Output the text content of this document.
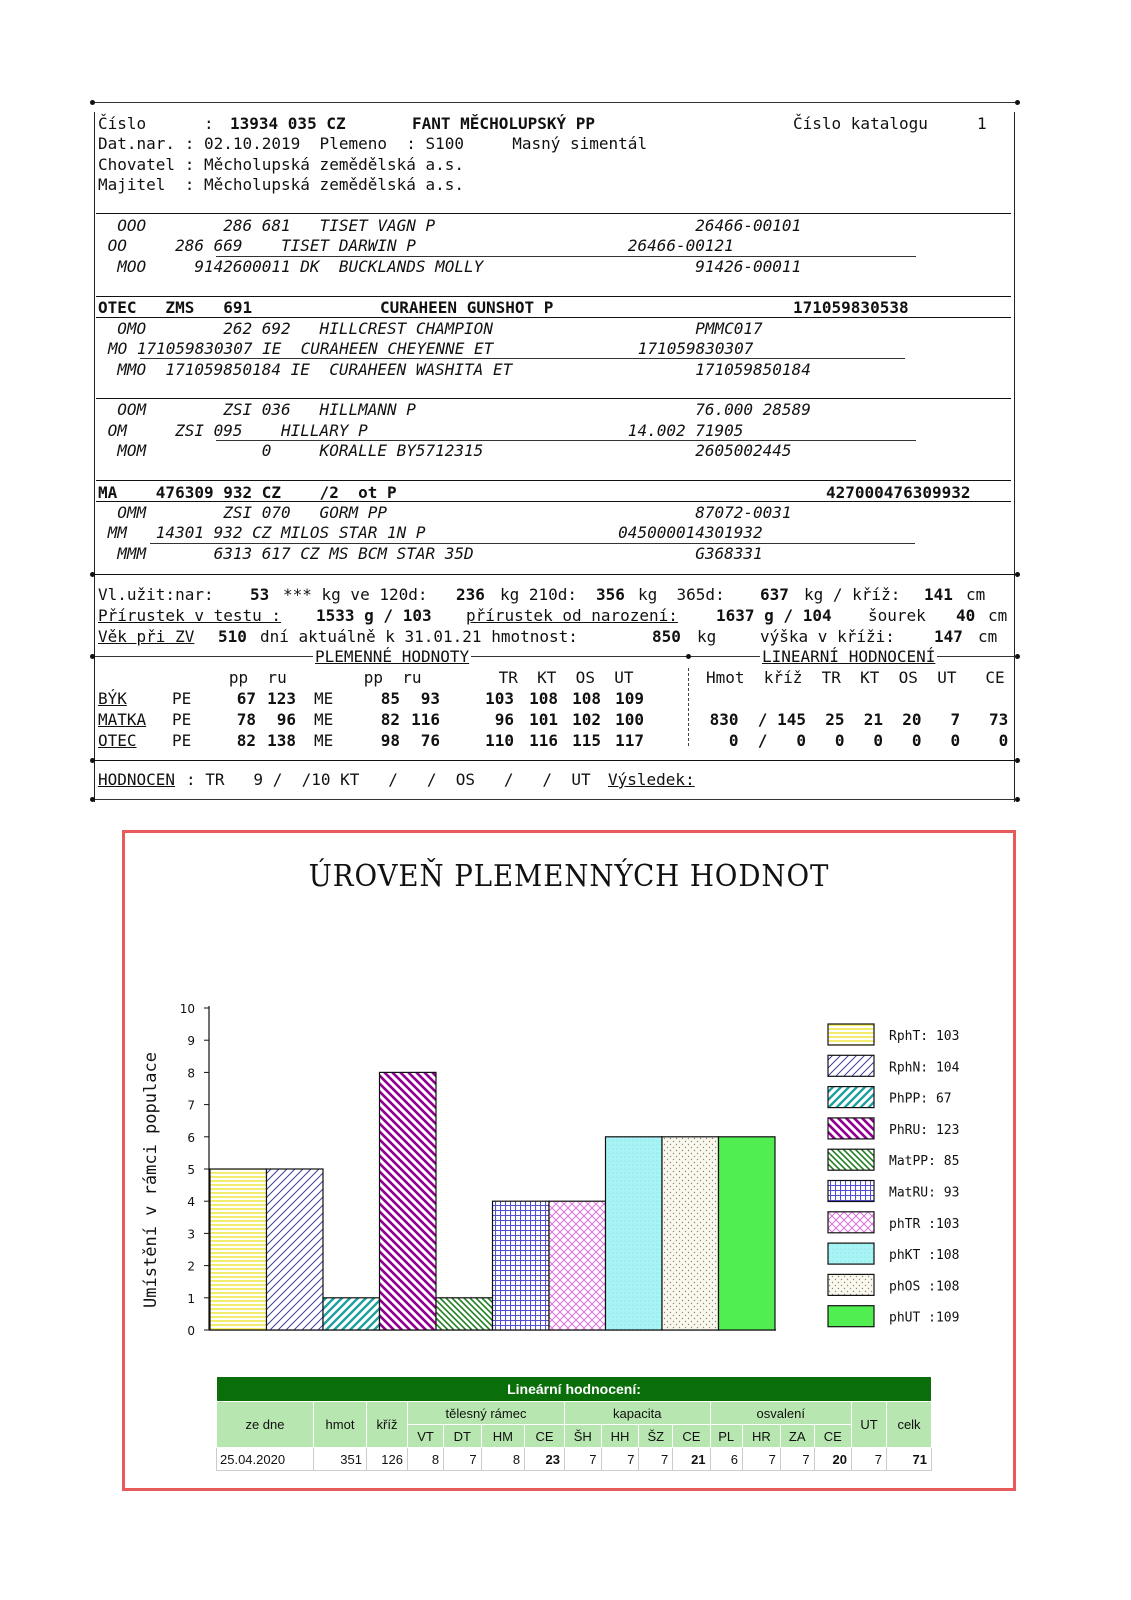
Číslo      : 13934 035 CZ	FANT MĚCHOLUPSKÝ PP	Číslo katalogu	1
Dat.nar. : 02.10.2019  Plemeno  : S100     Masný simentál
Chovatel : Měcholupská zemědělská a.s.
Majitel  : Měcholupská zemědělská a.s.
OOO        286 681   TISET VAGN P                           26466-00101
OO     286 669    TISET DARWIN P                      26466-00121
MOO     9142600011 DK  BUCKLANDS MOLLY                      91426-00011
OTEC   ZMS   691	CURAHEEN GUNSHOT P	171059830538
OMO        262 692   HILLCREST CHAMPION                     PMMC017
MO 171059830307 IE  CURAHEEN CHEYENNE ET               171059830307
MMO  171059850184 IE  CURAHEEN WASHITA ET                   171059850184
OOM        ZSI 036   HILLMANN P                             76.000 28589
OM     ZSI 095    HILLARY P                           14.002 71905
MOM            0     KORALLE BY5712315                      2605002445
MA    476309 932 CZ    /2  ot P	427000476309932
OMM        ZSI 070   GORM PP                                87072-0031
MM   14301 932 CZ MILOS STAR 1N P                    045000014301932
MMM       6313 617 CZ MS BCM STAR 35D                       G368331
Vl.užit:nar: 53 *** kg ve 120d: 236 kg 210d: 356 kg  365d: 637 kg / kříž: 141 cm
Přírustek v testu : 1533 g / 103 přírustek od narození: 1637 g / 104 šourek 40 cm
Věk při ZV 510 dní aktuálně k 31.01.21 hmotnost:	850 kg	výška v kříži: 147 cm
PLEMENNÉ HODNOTY	LINEARNÍ HODNOCENÍ
pp  ru        pp  ru        TR  KT  OS  UT	Hmot  kříž  TR  KT  OS  UT   CE
BÝK	PE	67 123 ME	85	93	103 108 108 109
MATKA PE	78	96 ME	82 116	96 101 102 100	830  / 145  25  21  20   7   73
OTEC PE	82 138 ME	98	76	110 116 115 117	0  /   0   0   0   0   0    0
HODNOCEN : TR   9 /  /10 KT   /   /  OS   /   /  UT Výsledek:
ÚROVEŇ PLEMENNÝCH HODNOT
0
1
2
3
4
5
6
7
8
9
10
RphT: 103
RphN: 104
PhPP: 67
PhRU: 123
MatPP: 85
MatRU: 93
phTR :103
phKT :108
phOS :108
phUT :109
Umístění v rámci populace
Lineární hodnocení:																
ze dne	hmot	kříž	tělesný rámec				kapacita				osvalení				UT	celk
			VT	DT	HM	CE	ŠH	HH	ŠZ	CE	PL	HR	ZA	CE		
25.04.2020	351	126	8	7	8	23	7	7	7	21	6	7	7	20	7	71
